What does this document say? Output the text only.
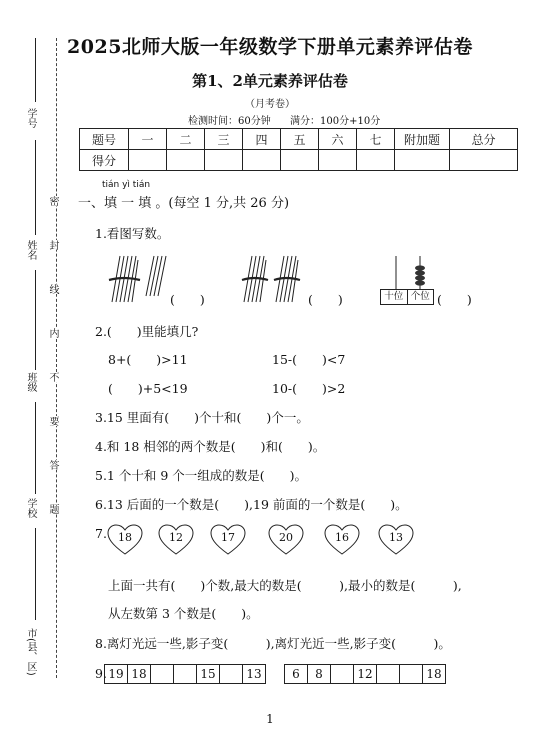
学号
姓名
班级
学校
市(县、区)
密
封
线
内
不
要
答
题
2025北师大版一年级数学下册单元素养评估卷
第1、2单元素养评估卷
（月考卷）
检测时间：60分钟 满分：100分+10分
题号	一	二	三	四	五	六	七	附加题	总分
得分									
tián yì tián
一、填 一 填 。(每空 1 分,共 26 分)
1.看图写数。
(　　)	(　　)	十位 个位 (　　)
2.(　　)里能填几?
8+(　　)>11	15-(　　)<7
(　　)+5<19	10-(　　)>2
3.15 里面有(　　)个十和(　　)个一。
4.和 18 相邻的两个数是(　　)和(　　)。
5.1 个十和 9 个一组成的数是(　　)。
6.13 后面的一个数是(　　),19 前面的一个数是(　　)。
7.	18	12	17	20	16	13
上面一共有(　　)个数,最大的数是(　　　),最小的数是(　　　),
从左数第 3 个数是(　　)。
8.离灯光远一些,影子变(　　　),离灯光近一些,影子变(　　　)。
9. 19	18			15		13		6	8		12			18
1
